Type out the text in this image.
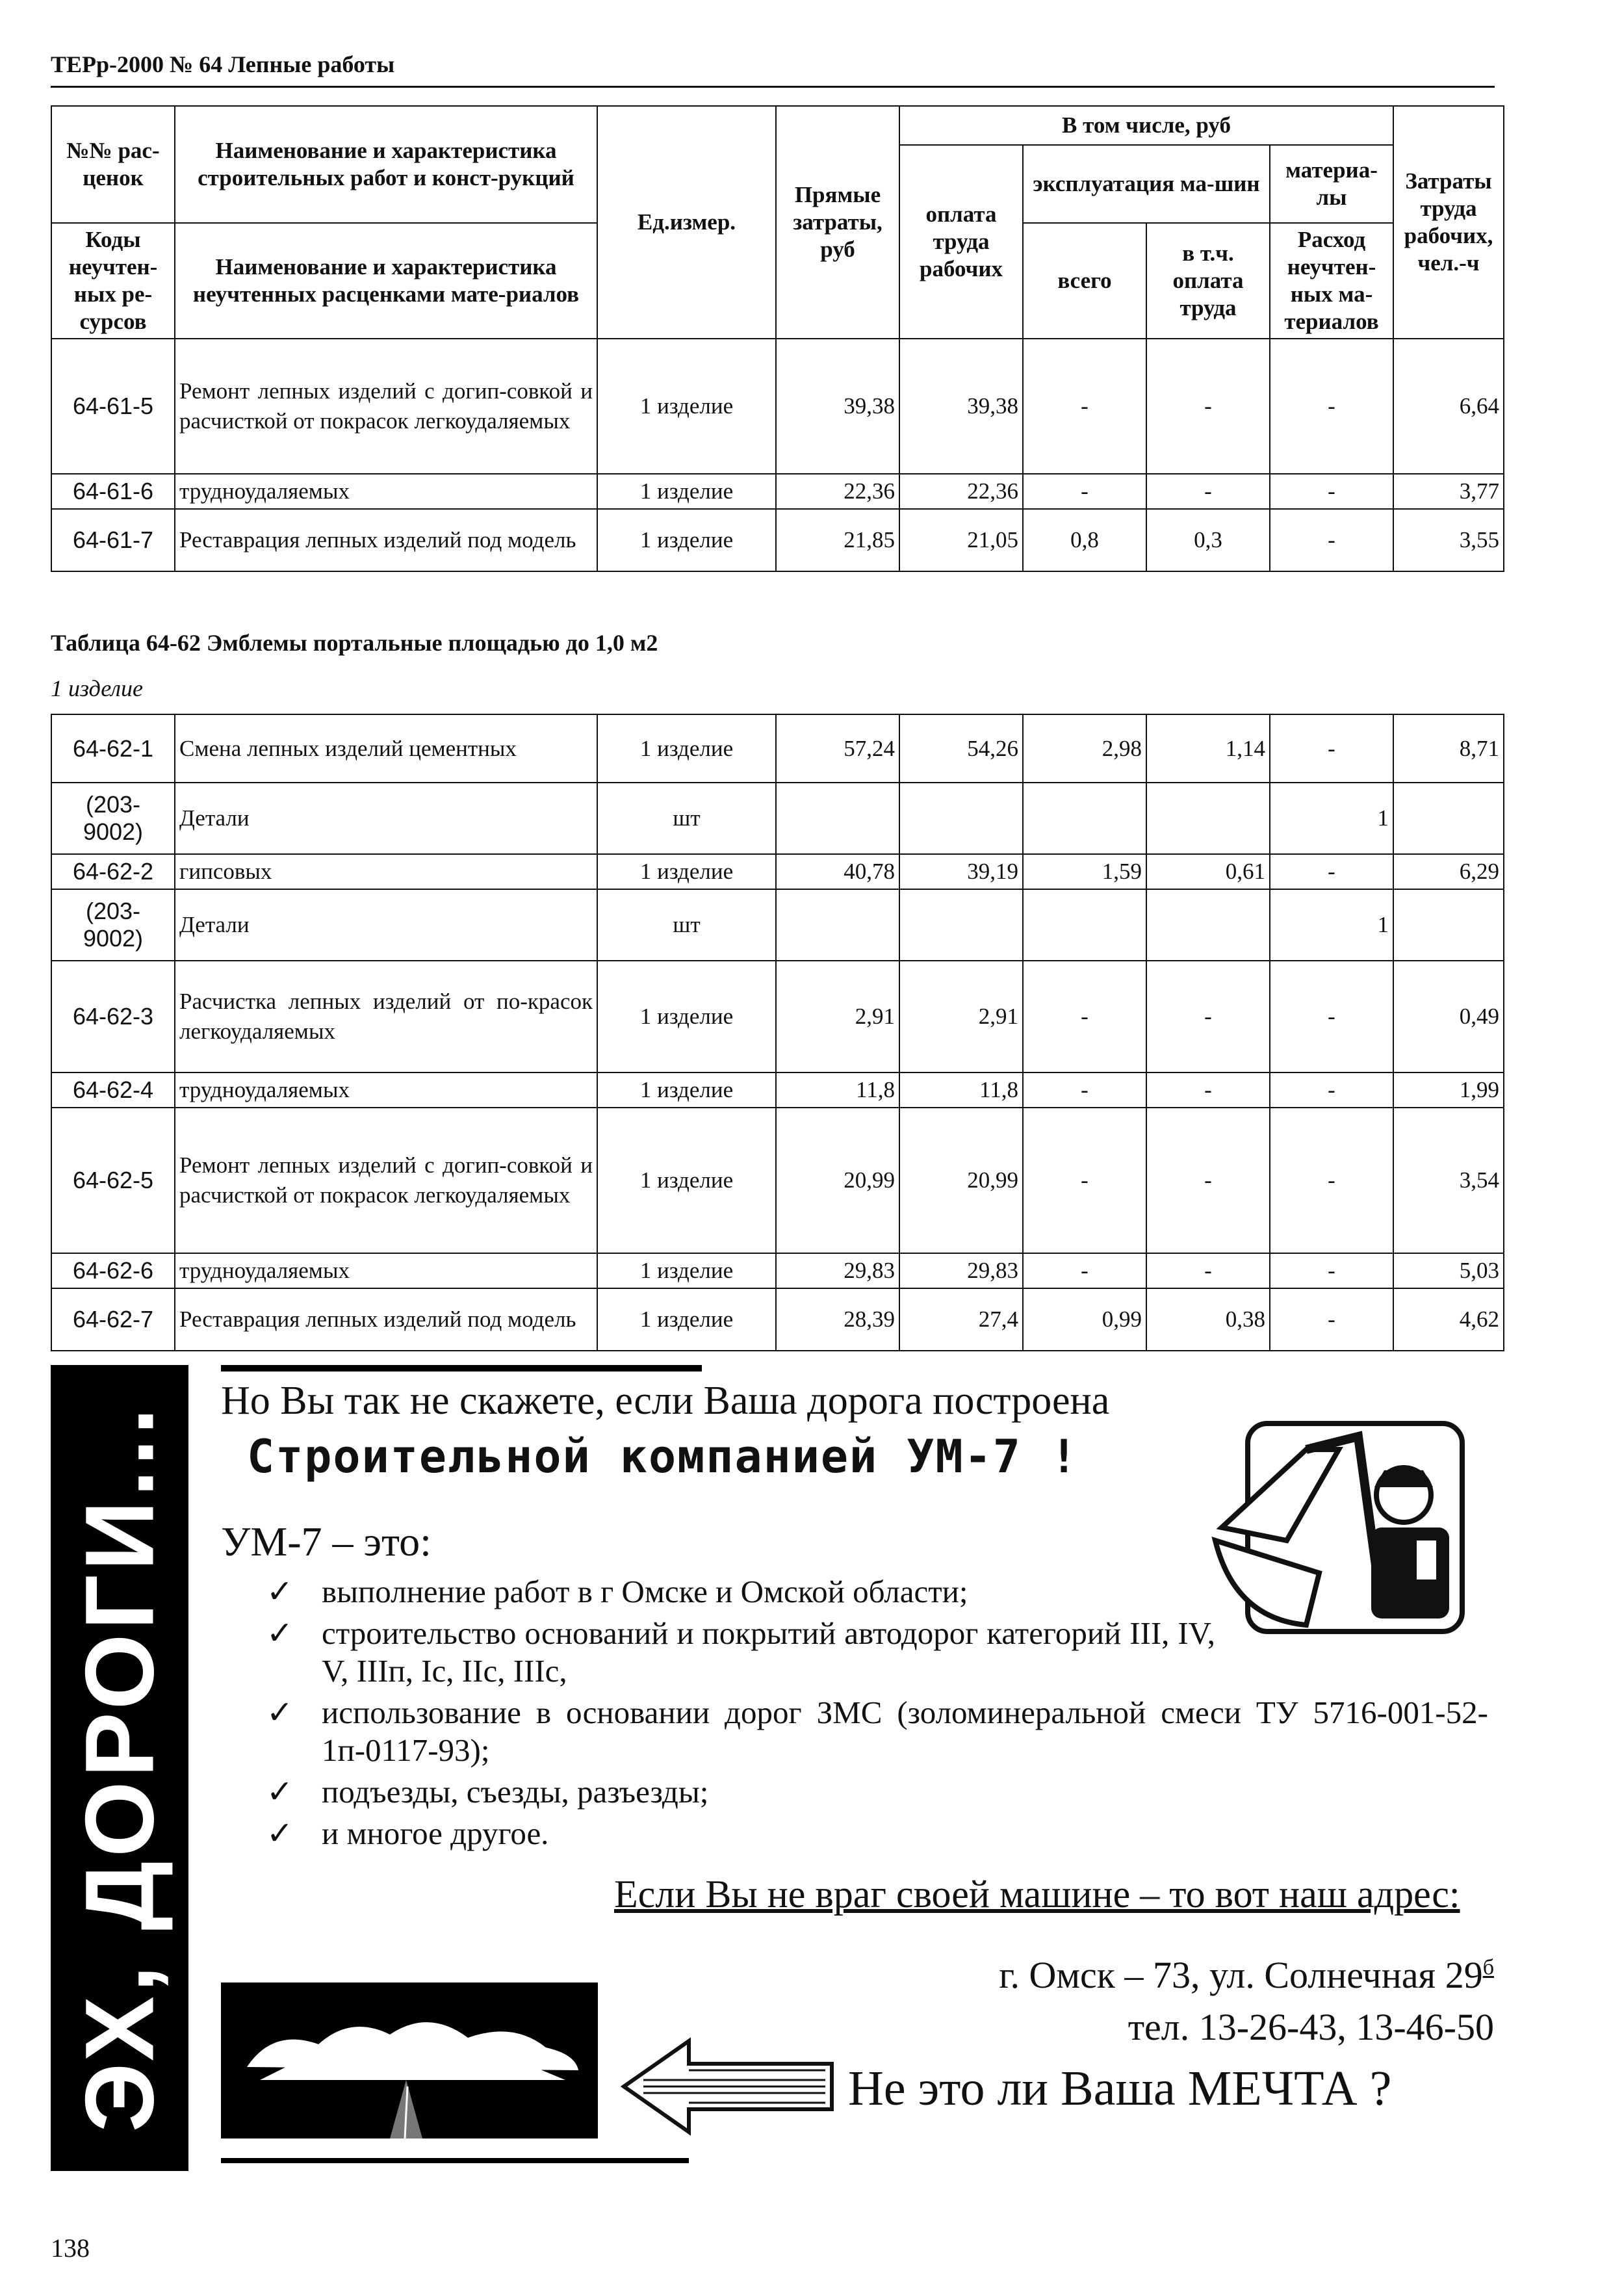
ТЕРр-2000 № 64 Лепные работы
№№ рас-ценок	Наименование и характеристика строительных работ и конст-рукций	Ед.измер.	Прямые затраты, руб	В том числе, руб				Затраты труда рабочих, чел.-ч
				оплата труда рабочих	эксплуатация ма-шин		материа-лы	

Коды неучтен-ных ре-сурсов	Наименование и характеристика неучтенных расценками мате-риалов				всего	в т.ч. оплата труда	Расход неучтен-ных ма-териалов	

64-61-5	Ремонт лепных изделий с догип-совкой и расчисткой от покрасок легкоудаляемых	1 изделие	39,38	39,38	-	-	-	6,64
64-61-6	трудноудаляемых	1 изделие	22,36	22,36	-	-	-	3,77
64-61-7	Реставрация лепных изделий под модель	1 изделие	21,85	21,05	0,8	0,3	-	3,55
Таблица 64-62 Эмблемы портальные площадью до 1,0 м2
1 изделие
64-62-1	Смена лепных изделий цементных	1 изделие	57,24	54,26	2,98	1,14	-	8,71
(203-9002)	Детали	шт					1	
64-62-2	гипсовых	1 изделие	40,78	39,19	1,59	0,61	-	6,29
(203-9002)	Детали	шт					1	
64-62-3	Расчистка лепных изделий от по-красок легкоудаляемых	1 изделие	2,91	2,91	-	-	-	0,49
64-62-4	трудноудаляемых	1 изделие	11,8	11,8	-	-	-	1,99
64-62-5	Ремонт лепных изделий с догип-совкой и расчисткой от покрасок легкоудаляемых	1 изделие	20,99	20,99	-	-	-	3,54
64-62-6	трудноудаляемых	1 изделие	29,83	29,83	-	-	-	5,03
64-62-7	Реставрация лепных изделий под модель	1 изделие	28,39	27,4	0,99	0,38	-	4,62
ЭХ, ДОРОГИ...
Но Вы так не скажете, если Ваша дорога построена
Строительной компанией УМ-7 !
УМ-7 – это:
✓ выполнение работ в г Омске и Омской области;
✓ строительство оснований и покрытий автодорог категорий III, IV, V, IIIп, Iс, IIс, IIIс,
✓ использование в основании дорог ЗМС (золоминеральной смеси ТУ 5716-001-52-1п-0117-93);
✓ подъезды, съезды, разъезды;
✓ и многое другое.
Если Вы не враг своей машине – то вот наш адрес:
г. Омск – 73, ул. Солнечная $29^б$
тел. 13-26-43, 13-46-50
Не это ли Ваша МЕЧТА ?
138
